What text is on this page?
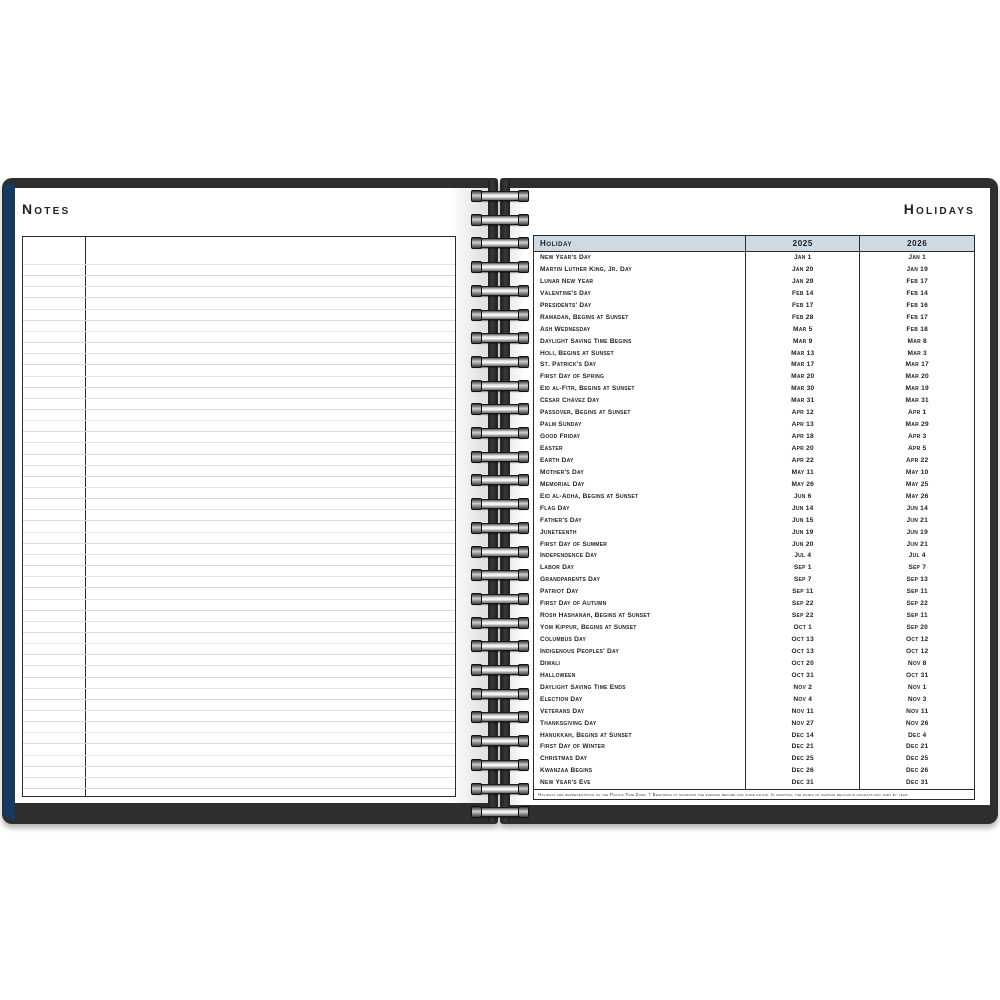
Notes	Holidays
Holiday	2025	2026
New Year's Day	Jan 1	Jan 1
Martin Luther King, Jr. Day	Jan 20	Jan 19
Lunar New Year	Jan 29	Feb 17
Valentine's Day	Feb 14	Feb 14
Presidents' Day	Feb 17	Feb 16
Ramadan, Begins at Sunset	Feb 28	Feb 17
Ash Wednesday	Mar 5	Feb 18
Daylight Saving Time Begins	Mar 9	Mar 8
Holi, Begins at Sunset	Mar 13	Mar 3
St. Patrick's Day	Mar 17	Mar 17
First Day of Spring	Mar 20	Mar 20
Eid al-Fitr, Begins at Sunset	Mar 30	Mar 19
César Chávez Day	Mar 31	Mar 31
Passover, Begins at Sunset	Apr 12	Apr 1
Palm Sunday	Apr 13	Mar 29
Good Friday	Apr 18	Apr 3
Easter	Apr 20	Apr 5
Earth Day	Apr 22	Apr 22
Mother's Day	May 11	May 10
Memorial Day	May 26	May 25
Eid al-Adha, Begins at Sunset	Jun 6	May 26
Flag Day	Jun 14	Jun 14
Father's Day	Jun 15	Jun 21
Juneteenth	Jun 19	Jun 19
First Day of Summer	Jun 20	Jun 21
Independence Day	Jul 4	Jul 4
Labor Day	Sep 1	Sep 7
Grandparents Day	Sep 7	Sep 13
Patriot Day	Sep 11	Sep 11
First Day of Autumn	Sep 22	Sep 22
Rosh Hashanah, Begins at Sunset	Sep 22	Sep 11
Yom Kippur, Begins at Sunset	Oct 1	Sep 20
Columbus Day	Oct 13	Oct 12
Indigenous Peoples' Day	Oct 13	Oct 12
Diwali	Oct 20	Nov 8
Halloween	Oct 31	Oct 31
Daylight Saving Time Ends	Nov 2	Nov 1
Election Day	Nov 4	Nov 3
Veterans Day	Nov 11	Nov 11
Thanksgiving Day	Nov 27	Nov 26
Hanukkah, Begins at Sunset	Dec 14	Dec 4
First Day of Winter	Dec 21	Dec 21
Christmas Day	Dec 25	Dec 25
Kwanzaa Begins	Dec 26	Dec 26
New Year's Eve	Dec 31	Dec 31
Holidays are representative of the Pacific Time Zone. † Beginning at sundown the evening before for some faiths. In addition, the dates of certain religious holidays may vary by year.
